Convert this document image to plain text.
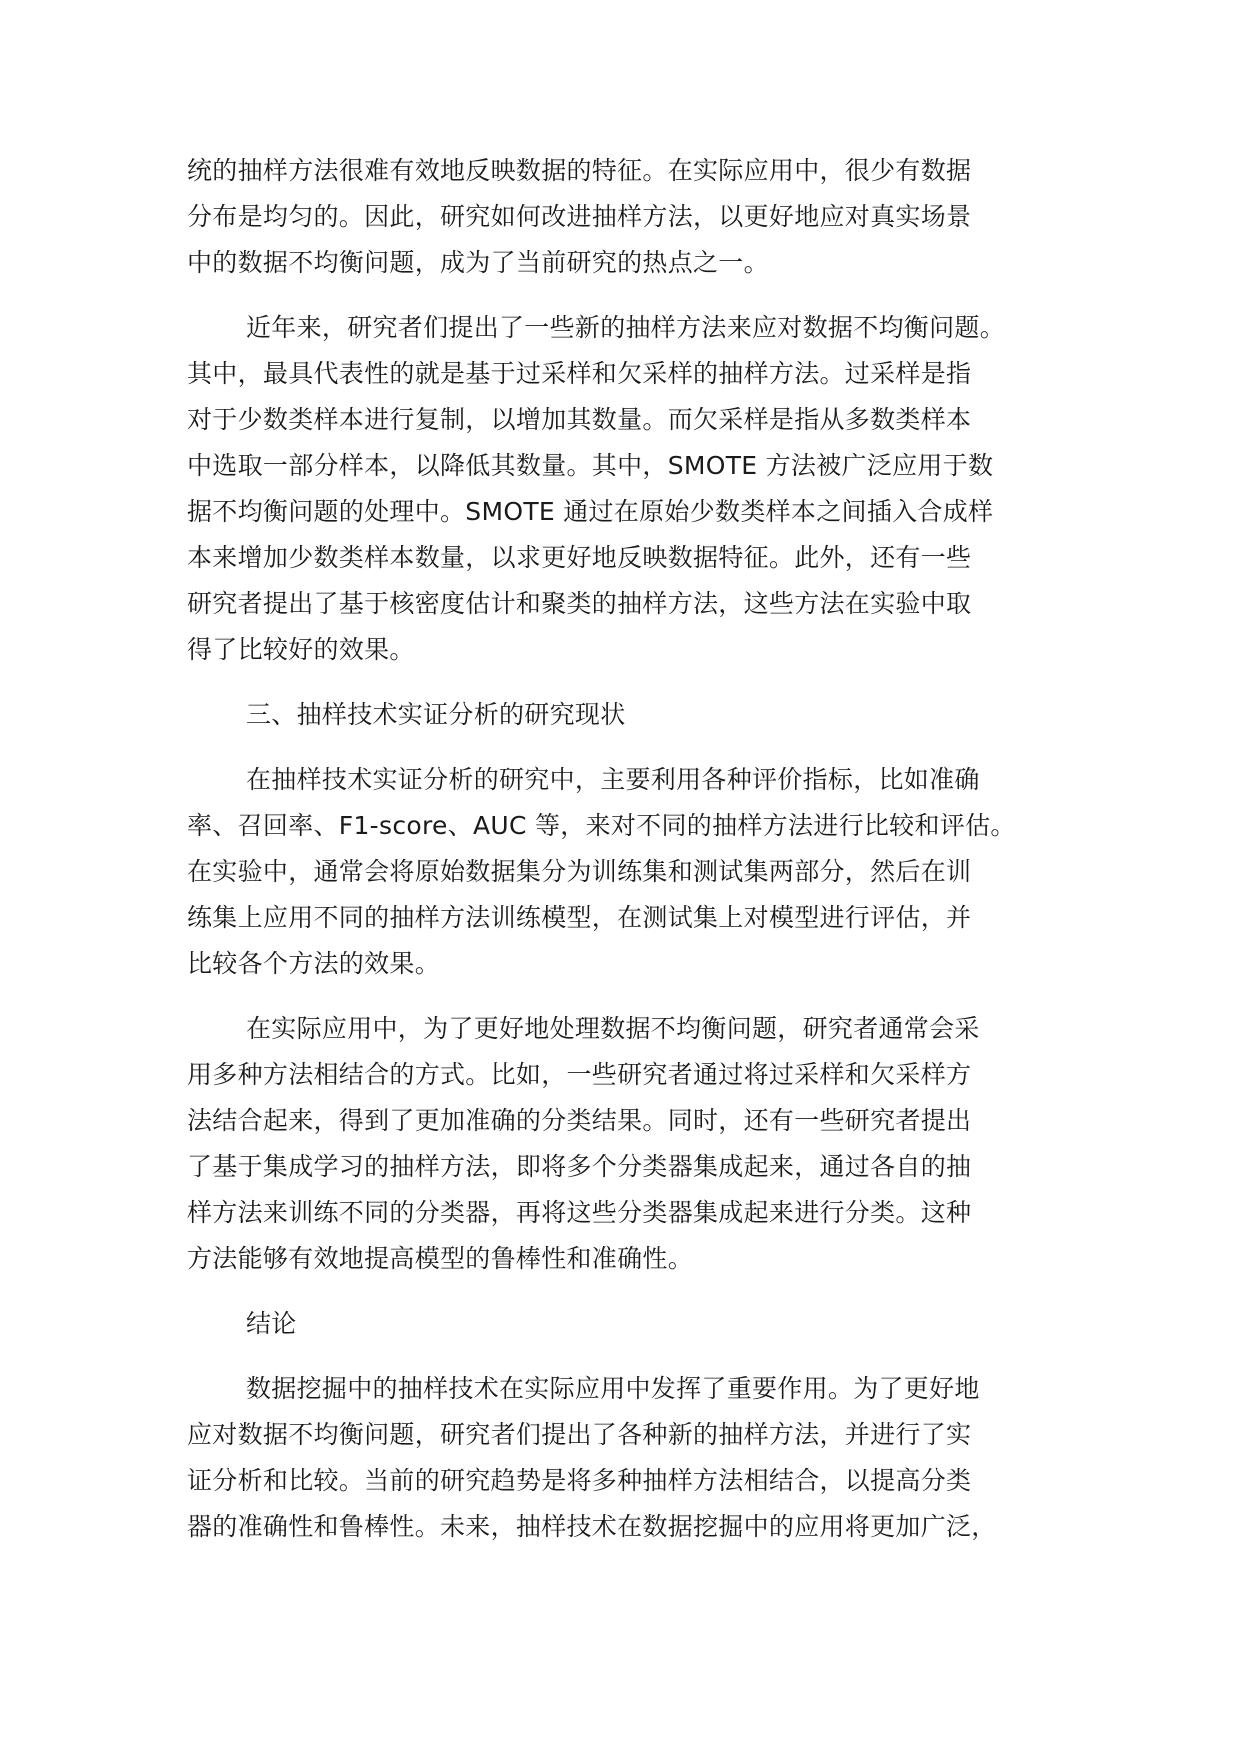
统的抽样方法很难有效地反映数据的特征。在实际应用中，很少有数据
分布是均匀的。因此，研究如何改进抽样方法，以更好地应对真实场景
中的数据不均衡问题，成为了当前研究的热点之一。
近年来，研究者们提出了一些新的抽样方法来应对数据不均衡问题。
其中，最具代表性的就是基于过采样和欠采样的抽样方法。过采样是指
对于少数类样本进行复制，以增加其数量。而欠采样是指从多数类样本
中选取一部分样本，以降低其数量。其中，SMOTE 方法被广泛应用于数
据不均衡问题的处理中。SMOTE 通过在原始少数类样本之间插入合成样
本来增加少数类样本数量，以求更好地反映数据特征。此外，还有一些
研究者提出了基于核密度估计和聚类的抽样方法，这些方法在实验中取
得了比较好的效果。
三、抽样技术实证分析的研究现状
在抽样技术实证分析的研究中，主要利用各种评价指标，比如准确
率、召回率、F1-score、AUC 等，来对不同的抽样方法进行比较和评估。
在实验中，通常会将原始数据集分为训练集和测试集两部分，然后在训
练集上应用不同的抽样方法训练模型，在测试集上对模型进行评估，并
比较各个方法的效果。
在实际应用中，为了更好地处理数据不均衡问题，研究者通常会采
用多种方法相结合的方式。比如，一些研究者通过将过采样和欠采样方
法结合起来，得到了更加准确的分类结果。同时，还有一些研究者提出
了基于集成学习的抽样方法，即将多个分类器集成起来，通过各自的抽
样方法来训练不同的分类器，再将这些分类器集成起来进行分类。这种
方法能够有效地提高模型的鲁棒性和准确性。
结论
数据挖掘中的抽样技术在实际应用中发挥了重要作用。为了更好地
应对数据不均衡问题，研究者们提出了各种新的抽样方法，并进行了实
证分析和比较。当前的研究趋势是将多种抽样方法相结合，以提高分类
器的准确性和鲁棒性。未来，抽样技术在数据挖掘中的应用将更加广泛，
